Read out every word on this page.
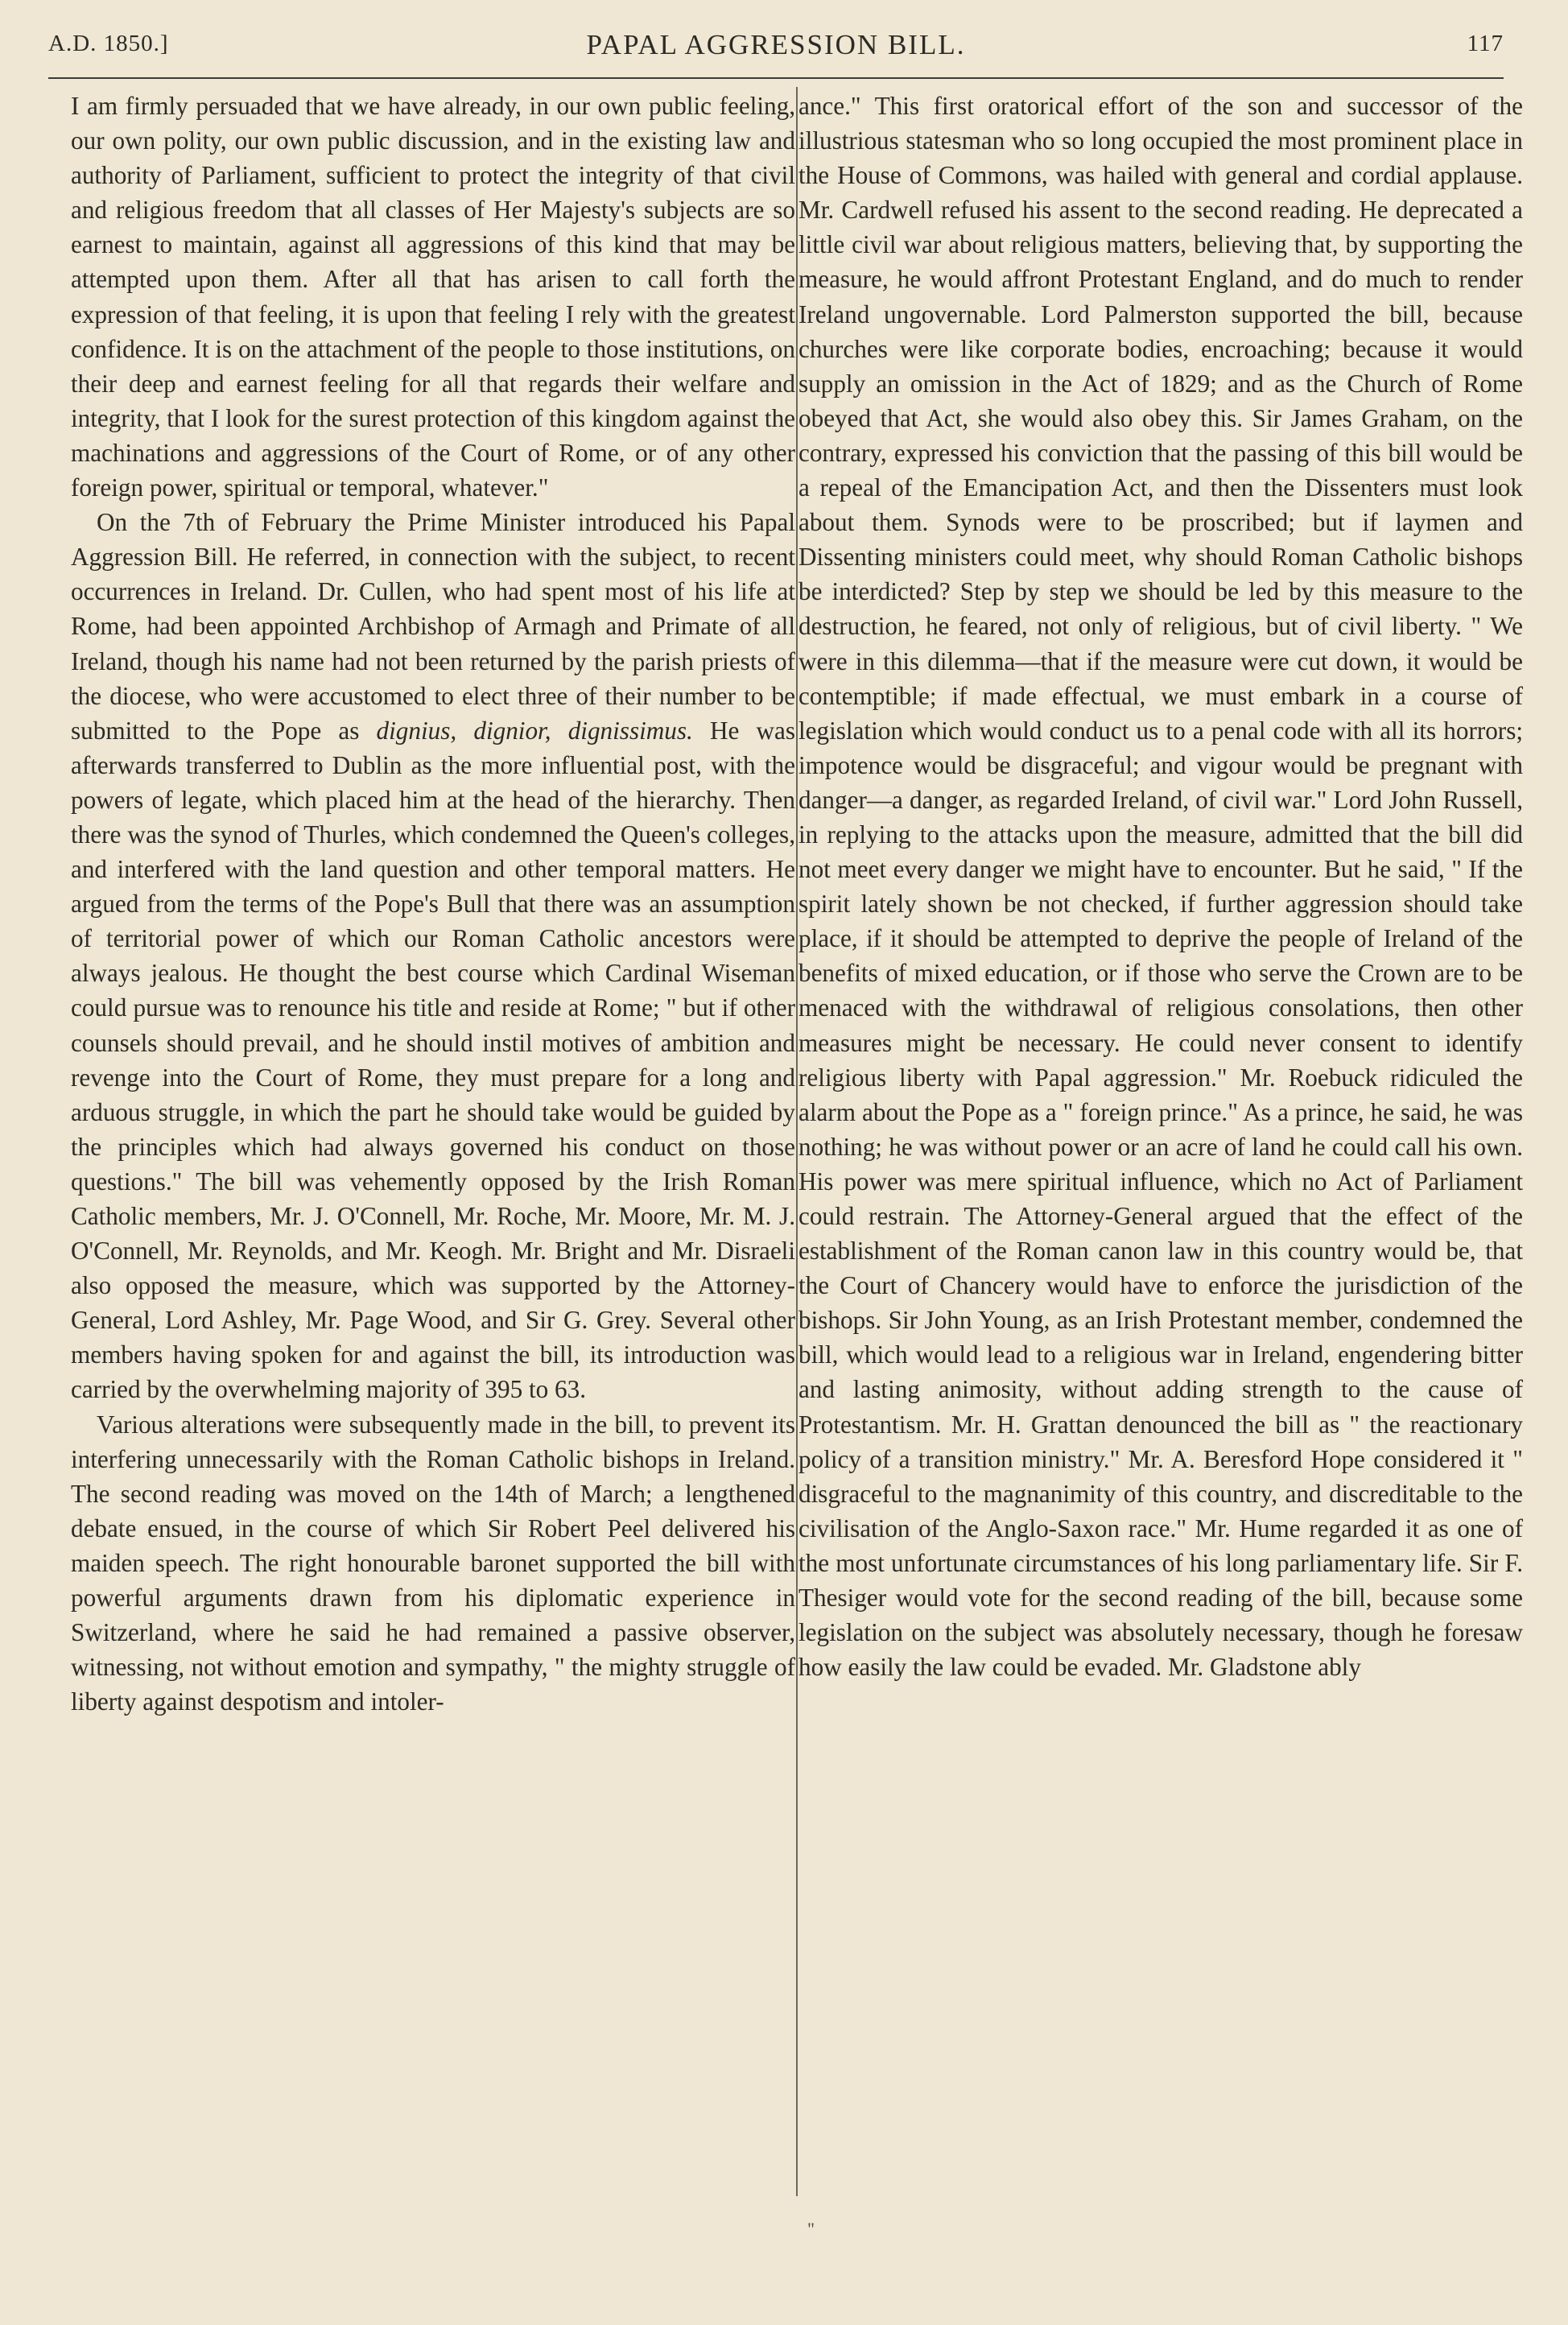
A.D. 1850.]	PAPAL AGGRESSION BILL.	117

I am firmly persuaded that we have already, in our own public feeling, our own polity, our own public discussion, and in the existing law and authority of Parliament, sufficient to protect the integrity of that civil and religious freedom that all classes of Her Majesty's subjects are so earnest to maintain, against all aggressions of this kind that may be attempted upon them. After all that has arisen to call forth the expression of that feeling, it is upon that feeling I rely with the greatest confidence. It is on the attachment of the people to those institutions, on their deep and earnest feeling for all that regards their welfare and integrity, that I look for the surest protection of this kingdom against the machinations and aggressions of the Court of Rome, or of any other foreign power, spiritual or temporal, whatever."

On the 7th of February the Prime Minister introduced his Papal Aggression Bill. He referred, in connection with the subject, to recent occurrences in Ireland. Dr. Cullen, who had spent most of his life at Rome, had been appointed Archbishop of Armagh and Primate of all Ireland, though his name had not been returned by the parish priests of the diocese, who were accustomed to elect three of their number to be submitted to the Pope as dignius, dignior, dignissimus. He was afterwards transferred to Dublin as the more influential post, with the powers of legate, which placed him at the head of the hierarchy. Then there was the synod of Thurles, which condemned the Queen's colleges, and interfered with the land question and other temporal matters. He argued from the terms of the Pope's Bull that there was an assumption of territorial power of which our Roman Catholic ancestors were always jealous. He thought the best course which Cardinal Wiseman could pursue was to renounce his title and reside at Rome; " but if other counsels should prevail, and he should instil motives of ambition and revenge into the Court of Rome, they must prepare for a long and arduous struggle, in which the part he should take would be guided by the principles which had always governed his conduct on those questions." The bill was vehemently opposed by the Irish Roman Catholic members, Mr. J. O'Connell, Mr. Roche, Mr. Moore, Mr. M. J. O'Connell, Mr. Reynolds, and Mr. Keogh. Mr. Bright and Mr. Disraeli also opposed the measure, which was supported by the Attorney-General, Lord Ashley, Mr. Page Wood, and Sir G. Grey. Several other members having spoken for and against the bill, its introduction was carried by the overwhelming majority of 395 to 63.

Various alterations were subsequently made in the bill, to prevent its interfering unnecessarily with the Roman Catholic bishops in Ireland. The second reading was moved on the 14th of March; a lengthened debate ensued, in the course of which Sir Robert Peel delivered his maiden speech. The right honourable baronet supported the bill with powerful arguments drawn from his diplomatic experience in Switzerland, where he said he had remained a passive observer, witnessing, not without emotion and sympathy, " the mighty struggle of liberty against despotism and intoler-

ance." This first oratorical effort of the son and successor of the illustrious statesman who so long occupied the most prominent place in the House of Commons, was hailed with general and cordial applause. Mr. Cardwell refused his assent to the second reading. He deprecated a little civil war about religious matters, believing that, by supporting the measure, he would affront Protestant England, and do much to render Ireland ungovernable. Lord Palmerston supported the bill, because churches were like corporate bodies, encroaching; because it would supply an omission in the Act of 1829; and as the Church of Rome obeyed that Act, she would also obey this. Sir James Graham, on the contrary, expressed his conviction that the passing of this bill would be a repeal of the Emancipation Act, and then the Dissenters must look about them. Synods were to be proscribed; but if laymen and Dissenting ministers could meet, why should Roman Catholic bishops be interdicted? Step by step we should be led by this measure to the destruction, he feared, not only of religious, but of civil liberty. " We were in this dilemma—that if the measure were cut down, it would be contemptible; if made effectual, we must embark in a course of legislation which would conduct us to a penal code with all its horrors; impotence would be disgraceful; and vigour would be pregnant with danger—a danger, as regarded Ireland, of civil war." Lord John Russell, in replying to the attacks upon the measure, admitted that the bill did not meet every danger we might have to encounter. But he said, " If the spirit lately shown be not checked, if further aggression should take place, if it should be attempted to deprive the people of Ireland of the benefits of mixed education, or if those who serve the Crown are to be menaced with the withdrawal of religious consolations, then other measures might be necessary. He could never consent to identify religious liberty with Papal aggression." Mr. Roebuck ridiculed the alarm about the Pope as a " foreign prince." As a prince, he said, he was nothing; he was without power or an acre of land he could call his own. His power was mere spiritual influence, which no Act of Parliament could restrain. The Attorney-General argued that the effect of the establishment of the Roman canon law in this country would be, that the Court of Chancery would have to enforce the jurisdiction of the bishops. Sir John Young, as an Irish Protestant member, condemned the bill, which would lead to a religious war in Ireland, engendering bitter and lasting animosity, without adding strength to the cause of Protestantism. Mr. H. Grattan denounced the bill as " the reactionary policy of a transition ministry." Mr. A. Beresford Hope considered it " disgraceful to the magnanimity of this country, and discreditable to the civilisation of the Anglo-Saxon race." Mr. Hume regarded it as one of the most unfortunate circumstances of his long parliamentary life. Sir F. Thesiger would vote for the second reading of the bill, because some legislation on the subject was absolutely necessary, though he foresaw how easily the law could be evaded. Mr. Gladstone ably

"
